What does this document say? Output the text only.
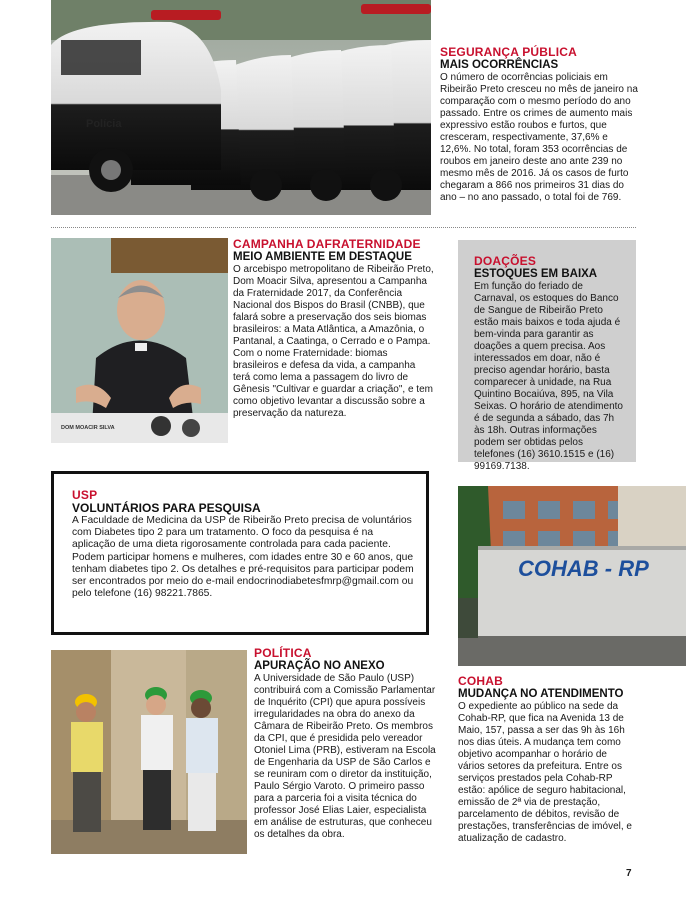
Polícia
SEGURANÇA PÚBLICA
MAIS OCORRÊNCIAS
O número de ocorrências policiais em Ribeirão Preto cresceu no mês de janeiro na comparação com o mesmo período do ano passado. Entre os crimes de aumento mais expressivo estão roubos e furtos, que cresceram, respectivamente, 37,6% e 12,6%. No total, foram 353 ocorrências de roubos em janeiro deste ano ante 239 no mesmo mês de 2016. Já os casos de furto chegaram a 866 nos primeiros 31 dias do ano – no ano passado, o total foi de 769.
DOM MOACIR SILVA
CAMPANHA DAFRATERNIDADE
MEIO AMBIENTE EM DESTAQUE
O arcebispo metropolitano de Ribeirão Preto, Dom Moacir Silva, apresentou a Campanha da Fraternidade 2017, da Conferência Nacional dos Bispos do Brasil (CNBB), que falará sobre a preservação dos seis biomas brasileiros: a Mata Atlântica, a Amazônia, o Pantanal, a Caatinga, o Cerrado e o Pampa. Com o nome Fraternidade: biomas brasileiros e defesa da vida, a campanha terá como lema a passagem do livro de Gênesis "Cultivar e guardar a criação", e tem como objetivo levantar a discussão sobre a preservação da natureza.
DOAÇÕES
ESTOQUES EM BAIXA
Em função do feriado de Carnaval, os estoques do Banco de Sangue de Ribeirão Preto estão mais baixos e toda ajuda é bem-vinda para garantir as doações a quem precisa. Aos interessados em doar, não é preciso agendar horário, basta comparecer à unidade, na Rua Quintino Bocaiúva, 895, na Vila Seixas. O horário de atendimento é de segunda a sábado, das 7h às 18h. Outras informações podem ser obtidas pelos telefones (16) 3610.1515 e (16) 99169.7138.
USP
VOLUNTÁRIOS PARA PESQUISA
A Faculdade de Medicina da USP de Ribeirão Preto precisa de voluntários com Diabetes tipo 2 para um tratamento. O foco da pesquisa é na aplicação de uma dieta rigorosamente controlada para cada paciente. Podem participar homens e mulheres, com idades entre 30 e 60 anos, que tenham diabetes tipo 2. Os detalhes e pré-requisitos para participar podem ser encontrados por meio do e-mail endocrinodiabetesfmrp@gmail.com ou pelo telefone (16) 98221.7865.
COHAB - RP
POLÍTICA
APURAÇÃO NO ANEXO
A Universidade de São Paulo (USP) contribuirá com a Comissão Parlamentar de Inquérito (CPI) que apura possíveis irregularidades na obra do anexo da Câmara de Ribeirão Preto. Os membros da CPI, que é presidida pelo vereador Otoniel Lima (PRB), estiveram na Escola de Engenharia da USP de São Carlos e se reuniram com o diretor da instituição, Paulo Sérgio Varoto. O primeiro passo para a parceria foi a visita técnica do professor José Elias Laier, especialista em análise de estruturas, que conheceu os detalhes da obra.
COHAB
MUDANÇA NO ATENDIMENTO
O expediente ao público na sede da Cohab-RP, que fica na Avenida 13 de Maio, 157, passa a ser das 9h às 16h nos dias úteis. A mudança tem como objetivo acompanhar o horário de vários setores da prefeitura. Entre os serviços prestados pela Cohab-RP estão: apólice de seguro habitacional, emissão de 2ª via de prestação, parcelamento de débitos, revisão de prestações, transferências de imóvel, e atualização de cadastro.
7
